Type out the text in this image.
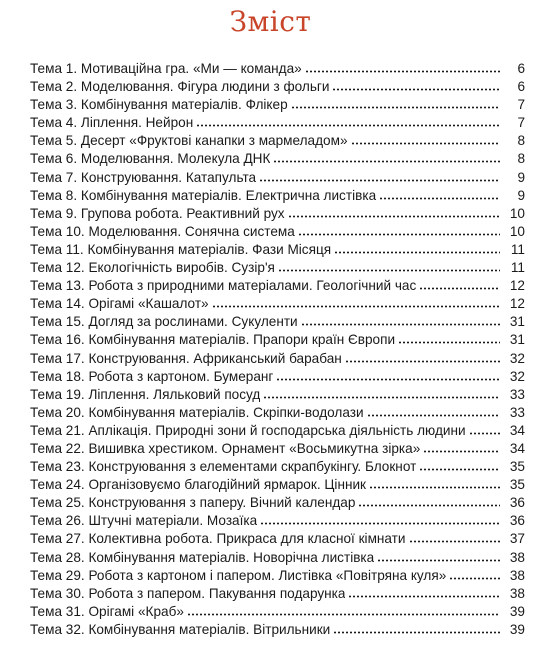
Зміст
Тема 1. Мотиваційна гра. «Ми — команда»	6
Тема 2. Моделювання. Фігура людини з фольги	6
Тема 3. Комбінування матеріалів. Флікер	7
Тема 4. Ліплення. Нейрон	7
Тема 5. Десерт «Фруктові канапки з мармеладом»	8
Тема 6. Моделювання. Молекула ДНК	8
Тема 7. Конструювання. Катапульта	9
Тема 8. Комбінування матеріалів. Електрична листівка	9
Тема 9. Групова робота. Реактивний рух	10
Тема 10. Моделювання. Сонячна система	10
Тема 11. Комбінування матеріалів. Фази Місяця	11
Тема 12. Екологічність виробів. Сузір'я	11
Тема 13. Робота з природними матеріалами. Геологічний час	12
Тема 14. Орігамі «Кашалот»	12
Тема 15. Догляд за рослинами. Сукуленти	31
Тема 16. Комбінування матеріалів. Прапори країн Європи	31
Тема 17. Конструювання. Африканський барабан	32
Тема 18. Робота з картоном. Бумеранг	32
Тема 19. Ліплення. Ляльковий посуд	33
Тема 20. Комбінування матеріалів. Скріпки-водолази	33
Тема 21. Аплікація. Природні зони й господарська діяльність людини	34
Тема 22. Вишивка хрестиком. Орнамент «Восьмикутна зірка»	34
Тема 23. Конструювання з елементами скрапбукінгу. Блокнот	35
Тема 24. Організовуємо благодійний ярмарок. Цінник	35
Тема 25. Конструювання з паперу. Вічний календар	36
Тема 26. Штучні матеріали. Мозаїка	36
Тема 27. Колективна робота. Прикраса для класної кімнати	37
Тема 28. Комбінування матеріалів. Новорічна листівка	38
Тема 29. Робота з картоном і папером. Листівка «Повітряна куля»	38
Тема 30. Робота з папером. Пакування подарунка	38
Тема 31. Орігамі «Краб»	39
Тема 32. Комбінування матеріалів. Вітрильники	39
